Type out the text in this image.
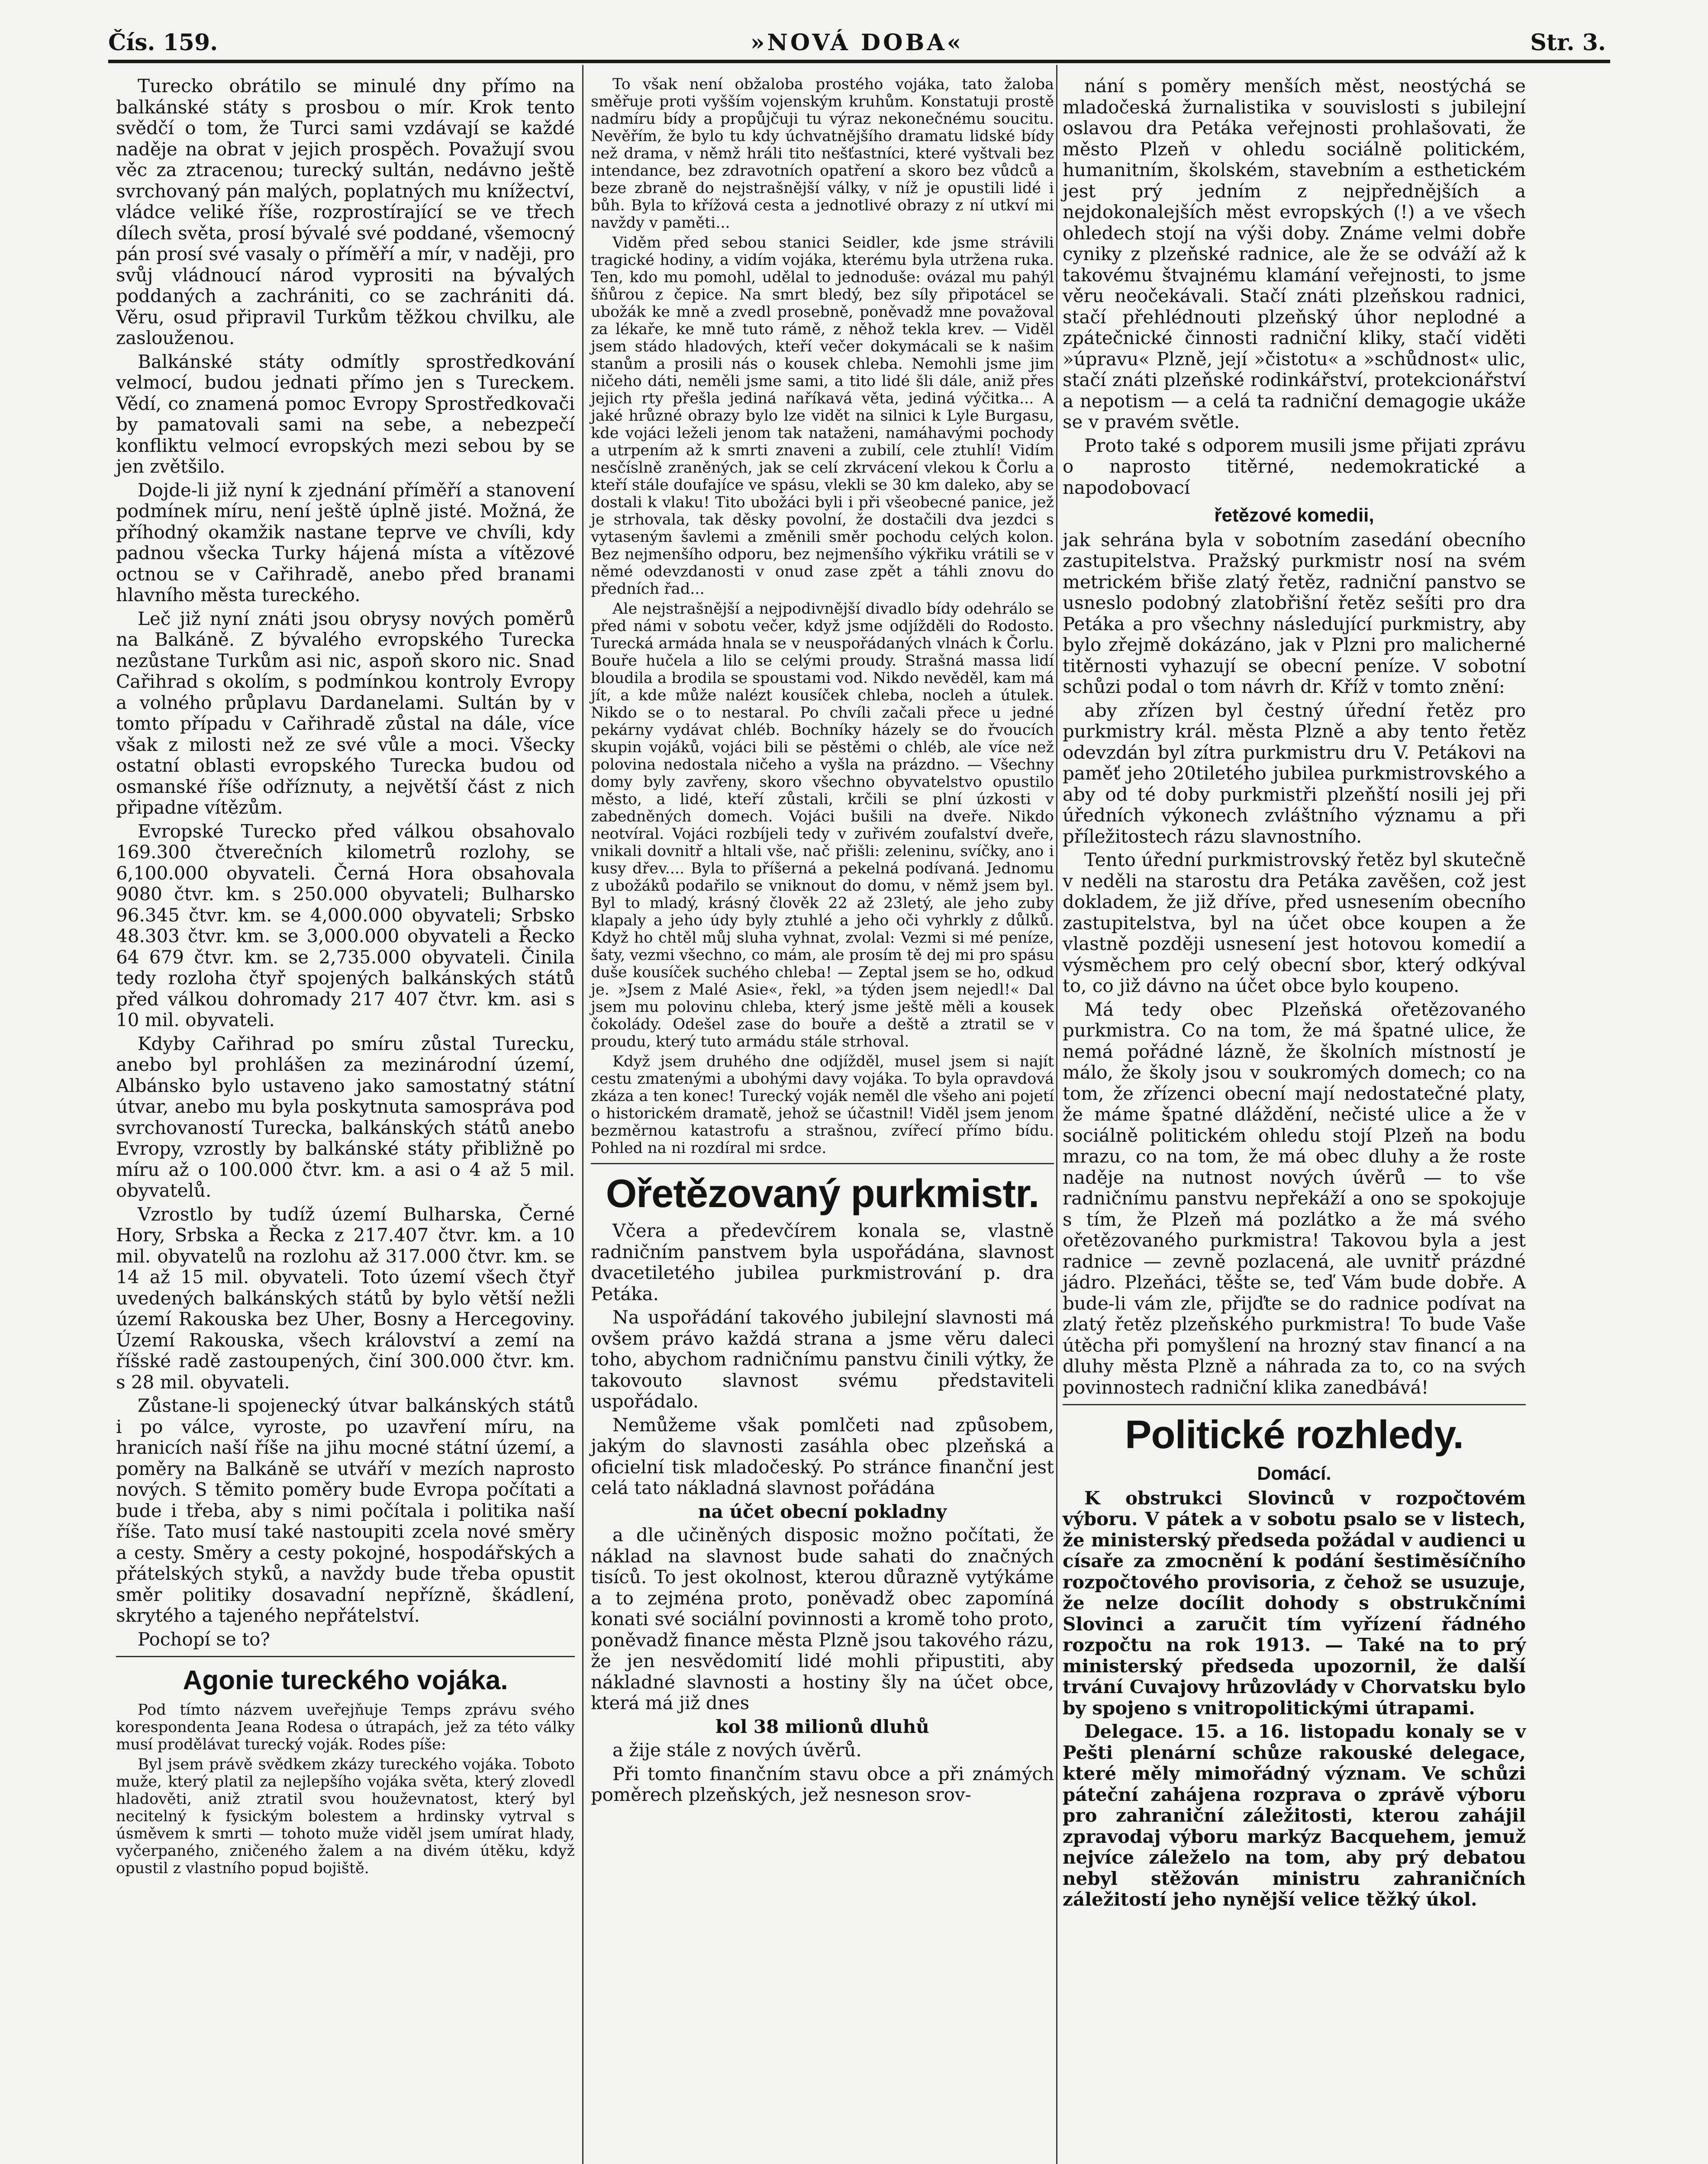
Čís. 159.	»NOVÁ DOBA«	Str. 3.

Turecko obrátilo se minulé dny přímo na balkánské státy s prosbou o mír. Krok tento svědčí o tom, že Turci sami vzdávají se každé naděje na obrat v jejich prospěch. Považují svou věc za ztracenou; turecký sultán, nedávno ještě svrchovaný pán malých, poplatných mu knížectví, vládce veliké říše, rozprostírající se ve třech dílech světa, prosí bývalé své poddané, všemocný pán prosí své vasaly o příměří a mír, v naději, pro svůj vládnoucí národ vyprositi na bývalých poddaných a zachrániti, co se zachrániti dá. Věru, osud připravil Turkům těžkou chvilku, ale zaslouženou.

Balkánské státy odmítly sprostředkování velmocí, budou jednati přímo jen s Tureckem. Vědí, co znamená pomoc Evropy Sprostředkovači by pamatovali sami na sebe, a nebezpečí konfliktu velmocí evropských mezi sebou by se jen zvětšilo.

Dojde-li již nyní k zjednání příměří a stanovení podmínek míru, není ještě úplně jisté. Možná, že příhodný okamžik nastane teprve ve chvíli, kdy padnou všecka Turky hájená místa a vítězové octnou se v Cařihradě, anebo před branami hlavního města tureckého.

Leč již nyní znáti jsou obrysy nových poměrů na Balkáně. Z bývalého evropského Turecka nezůstane Turkům asi nic, aspoň skoro nic. Snad Cařihrad s okolím, s podmínkou kontroly Evropy a volného průplavu Dardanelami. Sultán by v tomto případu v Cařihradě zůstal na dále, více však z milosti než ze své vůle a moci. Všecky ostatní oblasti evropského Turecka budou od osmanské říše odříznuty, a největší část z nich připadne vítězům.

Evropské Turecko před válkou obsahovalo 169.300 čtverečních kilometrů rozlohy, se 6,100.000 obyvateli. Černá Hora obsahovala 9080 čtvr. km. s 250.000 obyvateli; Bulharsko 96.345 čtvr. km. se 4,000.000 obyvateli; Srbsko 48.303 čtvr. km. se 3,000.000 obyvateli a Řecko 64 679 čtvr. km. se 2,735.000 obyvateli. Činila tedy rozloha čtyř spojených balkánských států před válkou dohromady 217 407 čtvr. km. asi s 10 mil. obyvateli.

Kdyby Cařihrad po smíru zůstal Turecku, anebo byl prohlášen za mezinárodní území, Albánsko bylo ustaveno jako samostatný státní útvar, anebo mu byla poskytnuta samospráva pod svrchovaností Turecka, balkánských států anebo Evropy, vzrostly by balkánské státy přibližně po míru až o 100.000 čtvr. km. a asi o 4 až 5 mil. obyvatelů.

Vzrostlo by tudíž území Bulharska, Černé Hory, Srbska a Řecka z 217.407 čtvr. km. a 10 mil. obyvatelů na rozlohu až 317.000 čtvr. km. se 14 až 15 mil. obyvateli. Toto území všech čtyř uvedených balkánských států by bylo větší nežli území Rakouska bez Uher, Bosny a Hercegoviny. Území Rakouska, všech království a zemí na říšské radě zastoupených, činí 300.000 čtvr. km. s 28 mil. obyvateli.

Zůstane-li spojenecký útvar balkánských států i po válce, vyroste, po uzavření míru, na hranicích naší říše na jihu mocné státní území, a poměry na Balkáně se utváří v mezích naprosto nových. S těmito poměry bude Evropa počítati a bude i třeba, aby s nimi počítala i politika naší říše. Tato musí také nastoupiti zcela nové směry a cesty. Směry a cesty pokojné, hospodářských a přátelských styků, a navždy bude třeba opustit směr politiky dosavadní nepřízně, škádlení, skrytého a tajeného nepřátelství.

Pochopí se to?

Agonie tureckého vojáka.

Pod tímto názvem uveřejňuje Temps zprávu svého korespondenta Jeana Rodesa o útrapách, jež za této války musí prodělávat turecký voják. Rodes píše:

Byl jsem právě svědkem zkázy tureckého vojáka. Toboto muže, který platil za nejlepšího vojáka světa, který zlovedl hladověti, aniž ztratil svou houževnatost, který byl necitelný k fysickým bolestem a hrdinsky vytrval s úsměvem k smrti — tohoto muže viděl jsem umírat hlady, vyčerpaného, zničeného žalem a na divém útěku, když opustil z vlastního popud bojiště.

To však není obžaloba prostého vojáka, tato žaloba směřuje proti vyšším vojenským kruhům. Konstatuji prostě nadmíru bídy a propůjčuji tu výraz nekonečnému soucitu. Nevěřím, že bylo tu kdy úchvatnějšího dramatu lidské bídy než drama, v němž hráli tito nešťastníci, které vyštvali bez intendance, bez zdravotních opatření a skoro bez vůdců a beze zbraně do nejstrašnější války, v níž je opustili lidé i bůh. Byla to křížová cesta a jednotlivé obrazy z ní utkví mi navždy v paměti...

Viděm před sebou stanici Seidler, kde jsme strávili tragické hodiny, a vidím vojáka, kterému byla utržena ruka. Ten, kdo mu pomohl, udělal to jednoduše: ovázal mu pahýl šňůrou z čepice. Na smrt bledý, bez síly připotácel se ubožák ke mně a zvedl prosebně, poněvadž mne považoval za lékaře, ke mně tuto rámě, z něhož tekla krev. — Viděl jsem stádo hladových, kteří večer dokymácali se k našim stanům a prosili nás o kousek chleba. Nemohli jsme jim ničeho dáti, neměli jsme sami, a tito lidé šli dále, aniž přes jejich rty přešla jediná naříkavá věta, jediná výčitka... A jaké hrůzné obrazy bylo lze vidět na silnici k Lyle Burgasu, kde vojáci leželi jenom tak nataženi, namáhavými pochody a utrpením až k smrti znaveni a zubilí, cele ztuhlí! Vidím nesčíslně zraněných, jak se celí zkrvácení vlekou k Čorlu a kteří stále doufajíce ve spásu, vlekli se 30 km daleko, aby se dostali k vlaku! Tito ubožáci byli i při všeobecné panice, jež je strhovala, tak děsky povolní, že dostačili dva jezdci s vytaseným šavlemi a změnili směr pochodu celých kolon. Bez nejmenšího odporu, bez nejmenšího výkřiku vrátili se v němé odevzdanosti v onud zase zpět a táhli znovu do předních řad...

Ale nejstrašnější a nejpodivnější divadlo bídy odehrálo se před námi v sobotu večer, když jsme odjížděli do Rodosto. Turecká armáda hnala se v neuspořádaných vlnách k Čorlu. Bouře hučela a lilo se celými proudy. Strašná massa lidí bloudila a brodila se spoustami vod. Nikdo nevěděl, kam má jít, a kde může nalézt kousíček chleba, nocleh a útulek. Nikdo se o to nestaral. Po chvíli začali přece u jedné pekárny vydávat chléb. Bochníky házely se do řvoucích skupin vojáků, vojáci bili se pěstěmi o chléb, ale více než polovina nedostala ničeho a vyšla na prázdno. — Všechny domy byly zavřeny, skoro všechno obyvatelstvo opustilo město, a lidé, kteří zůstali, krčili se plní úzkosti v zabedněných domech. Vojáci bušili na dveře. Nikdo neotvíral. Vojáci rozbíjeli tedy v zuřivém zoufalství dveře, vnikali dovnitř a hltali vše, nač přišli: zeleninu, svíčky, ano i kusy dřev.... Byla to příšerná a pekelná podívaná. Jednomu z ubožáků podařilo se vniknout do domu, v němž jsem byl. Byl to mladý, krásný člověk 22 až 23letý, ale jeho zuby klapaly a jeho údy byly ztuhlé a jeho oči vyhrkly z důlků. Když ho chtěl můj sluha vyhnat, zvolal: Vezmi si mé peníze, šaty, vezmi všechno, co mám, ale prosím tě dej mi pro spásu duše kousíček suchého chleba! — Zeptal jsem se ho, odkud je. »Jsem z Malé Asie«, řekl, »a týden jsem nejedl!« Dal jsem mu polovinu chleba, který jsme ještě měli a kousek čokolády. Odešel zase do bouře a deště a ztratil se v proudu, který tuto armádu stále strhoval.

Když jsem druhého dne odjížděl, musel jsem si najít cestu zmatenými a ubohými davy vojáka. To byla opravdová zkáza a ten konec! Turecký voják neměl dle všeho ani pojetí o historickém dramatě, jehož se účastnil! Viděl jsem jenom bezměrnou katastrofu a strašnou, zvířecí přímo bídu. Pohled na ni rozdíral mi srdce.

Ořetězovaný purkmistr.

Včera a předevčírem konala se, vlastně radničním panstvem byla uspořádána, slavnost dvacetiletého jubilea purkmistrování p. dra Petáka.

Na uspořádání takového jubilejní slavnosti má ovšem právo každá strana a jsme věru daleci toho, abychom radničnímu panstvu činili výtky, že takovouto slavnost svému představiteli uspořádalo.

Nemůžeme však pomlčeti nad způsobem, jakým do slavnosti zasáhla obec plzeňská a oficielní tisk mladočeský. Po stránce finanční jest celá tato nákladná slavnost pořádána

na účet obecní pokladny

a dle učiněných disposic možno počítati, že náklad na slavnost bude sahati do značných tisíců. To jest okolnost, kterou důrazně vytýkáme a to zejména proto, poněvadž obec zapomíná konati své sociální povinnosti a kromě toho proto, poněvadž finance města Plzně jsou takového rázu, že jen nesvědomití lidé mohli připustiti, aby nákladné slavnosti a hostiny šly na účet obce, která má již dnes

kol 38 milionů dluhů

a žije stále z nových úvěrů.

Při tomto finančním stavu obce a při známých poměrech plzeňských, jež nesneson srov-

nání s poměry menších měst, neostýchá se mladočeská žurnalistika v souvislosti s jubilejní oslavou dra Petáka veřejnosti prohlašovati, že město Plzeň v ohledu sociálně politickém, humanitním, školském, stavebním a esthetickém jest prý jedním z nejpřednějších a nejdokonalejších měst evropských (!) a ve všech ohledech stojí na výši doby. Známe velmi dobře cyniky z plzeňské radnice, ale že se odváží až k takovému štvajnému klamání veřejnosti, to jsme věru neočekávali. Stačí znáti plzeňskou radnici, stačí přehlédnouti plzeňský úhor neplodné a zpátečnické činnosti radniční kliky, stačí viděti »úpravu« Plzně, její »čistotu« a »schůdnost« ulic, stačí znáti plzeňské rodinkářství, protekcionářství a nepotism — a celá ta radniční demagogie ukáže se v pravém světle.

Proto také s odporem musili jsme přijati zprávu o naprosto titěrné, nedemokratické a napodobovací

řetězové komedii,

jak sehrána byla v sobotním zasedání obecního zastupitelstva. Pražský purkmistr nosí na svém metrickém břiše zlatý řetěz, radniční panstvo se usneslo podobný zlatobřišní řetěz sešíti pro dra Petáka a pro všechny následující purkmistry, aby bylo zřejmě dokázáno, jak v Plzni pro malicherné titěrnosti vyhazují se obecní peníze. V sobotní schůzi podal o tom návrh dr. Kříž v tomto znění:

aby zřízen byl čestný úřední řetěz pro purkmistry král. města Plzně a aby tento řetěz odevzdán byl zítra purkmistru dru V. Petákovi na paměť jeho 20tiletého jubilea purkmistrovského a aby od té doby purkmistři plzeňští nosili jej při úředních výkonech zvláštního významu a při příležitostech rázu slavnostního.

Tento úřední purkmistrovský řetěz byl skutečně v neděli na starostu dra Petáka zavěšen, což jest dokladem, že již dříve, před usnesením obecního zastupitelstva, byl na účet obce koupen a že vlastně později usnesení jest hotovou komedií a výsměchem pro celý obecní sbor, který odkýval to, co již dávno na účet obce bylo koupeno.

Má tedy obec Plzeňská ořetězovaného purkmistra. Co na tom, že má špatné ulice, že nemá pořádné lázně, že školních místností je málo, že školy jsou v soukromých domech; co na tom, že zřízenci obecní mají nedostatečné platy, že máme špatné dláždění, nečisté ulice a že v sociálně politickém ohledu stojí Plzeň na bodu mrazu, co na tom, že má obec dluhy a že roste naděje na nutnost nových úvěrů — to vše radničnímu panstvu nepřekáží a ono se spokojuje s tím, že Plzeň má pozlátko a že má svého ořetězovaného purkmistra! Takovou byla a jest radnice — zevně pozlacená, ale uvnitř prázdné jádro. Plzeňáci, těšte se, teď Vám bude dobře. A bude-li vám zle, přijďte se do radnice podívat na zlatý řetěz plzeňského purkmistra! To bude Vaše útěcha při pomyšlení na hrozný stav financí a na dluhy města Plzně a náhrada za to, co na svých povinnostech radniční klika zanedbává!

Politické rozhledy.
Domácí.

K obstrukci Slovinců v rozpočtovém výboru. V pátek a v sobotu psalo se v listech, že ministerský předseda požádal v audienci u císaře za zmocnění k podání šestiměsíčního rozpočtového provisoria, z čehož se usuzuje, že nelze docílit dohody s obstrukčními Slovinci a zaručit tím vyřízení řádného rozpočtu na rok 1913. — Také na to prý ministerský předseda upozornil, že další trvání Cuvajovy hrůzovlády v Chorvatsku bylo by spojeno s vnitropolitickými útrapami.

Delegace. 15. a 16. listopadu konaly se v Pešti plenární schůze rakouské delegace, které měly mimořádný význam. Ve schůzi páteční zahájena rozprava o zprávě výboru pro zahraniční záležitosti, kterou zahájil zpravodaj výboru markýz Bacquehem, jemuž nejvíce záleželo na tom, aby prý debatou nebyl stěžován ministru zahraničních záležitostí jeho nynější velice těžký úkol.
